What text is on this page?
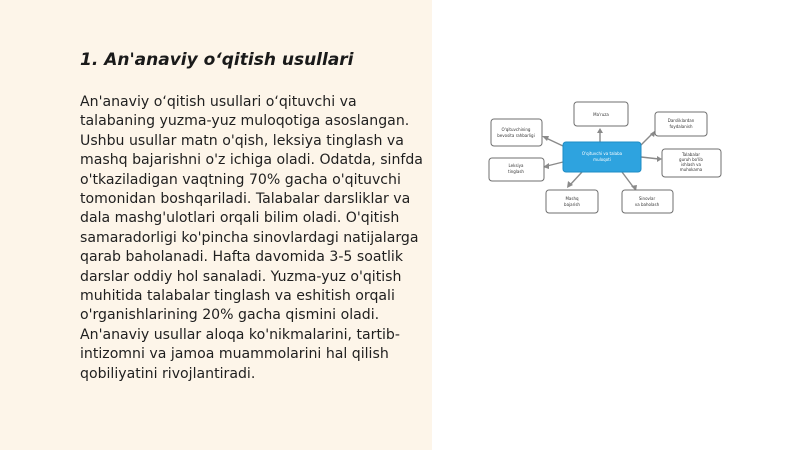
1. An'anaviy o‘qitish usullari

An'anaviy o‘qitish usullari o‘qituvchi va talabaning yuzma-yuz muloqotiga asoslangan. Ushbu usullar matn o'qish, leksiya tinglash va mashq bajarishni o'z ichiga oladi. Odatda, sinfda o'tkaziladigan vaqtning 70% gacha o'qituvchi tomonidan boshqariladi. Talabalar darsliklar va dala mashg'ulotlari orqali bilim oladi. O'qitish samaradorligi ko'pincha sinovlardagi natijalarga qarab baholanadi. Hafta davomida 3-5 soatlik darslar oddiy hol sanaladi. Yuzma-yuz o'qitish muhitida talabalar tinglash va eshitish orqali o'rganishlarining 20% gacha qismini oladi. An'anaviy usullar aloqa ko'nikmalarini, tartib-intizomni va jamoa muammolarini hal qilish qobiliyatini rivojlantiradi.

O'qituvchi va talaba
muloqoti
Ma'ruza
O'qituvchining
bevosita rahbarligi
Darsliklardan
foydalanish
Leksiya
tinglash
Talabalar
guruh bo'lib
ishlash va
muhokama
Mashq
bajarish
Sinovlar
va baholash
